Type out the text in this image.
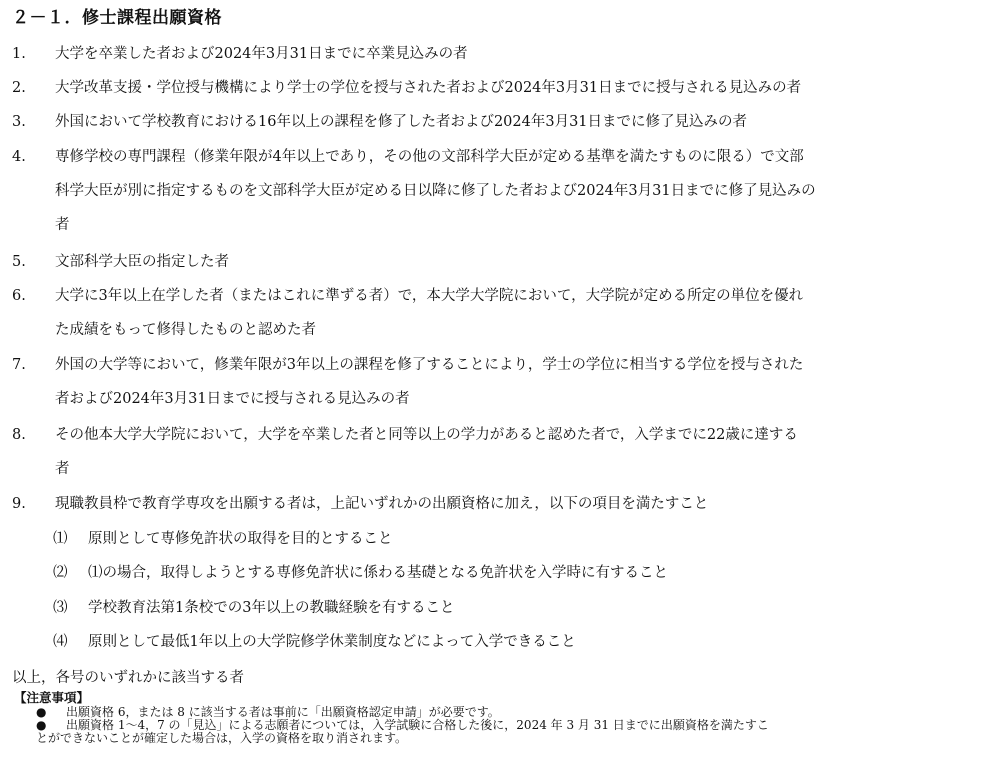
２－１．修士課程出願資格
1. 大学を卒業した者および2024年3月31日までに卒業見込みの者
2. 大学改革支援・学位授与機構により学士の学位を授与された者および2024年3月31日までに授与される見込みの者
3. 外国において学校教育における16年以上の課程を修了した者および2024年3月31日までに修了見込みの者
4. 専修学校の専門課程（修業年限が4年以上であり，その他の文部科学大臣が定める基準を満たすものに限る）で文部
科学大臣が別に指定するものを文部科学大臣が定める日以降に修了した者および2024年3月31日までに修了見込みの
者
5. 文部科学大臣の指定した者
6. 大学に3年以上在学した者（またはこれに準ずる者）で，本大学大学院において，大学院が定める所定の単位を優れ
た成績をもって修得したものと認めた者
7. 外国の大学等において，修業年限が3年以上の課程を修了することにより，学士の学位に相当する学位を授与された
者および2024年3月31日までに授与される見込みの者
8. その他本大学大学院において，大学を卒業した者と同等以上の学力があると認めた者で，入学までに22歳に達する
者
9. 現職教員枠で教育学専攻を出願する者は，上記いずれかの出願資格に加え，以下の項目を満たすこと
⑴ 原則として専修免許状の取得を目的とすること
⑵ ⑴の場合，取得しようとする専修免許状に係わる基礎となる免許状を入学時に有すること
⑶ 学校教育法第1条校での3年以上の教職経験を有すること
⑷ 原則として最低1年以上の大学院修学休業制度などによって入学できること
以上，各号のいずれかに該当する者
【注意事項】
●	出願資格 6，または 8 に該当する者は事前に「出願資格認定申請」が必要です。
●	出願資格 1～4，7 の「見込」による志願者については，入学試験に合格した後に，2024 年 3 月 31 日までに出願資格を満たすこ
とができないことが確定した場合は，入学の資格を取り消されます。
